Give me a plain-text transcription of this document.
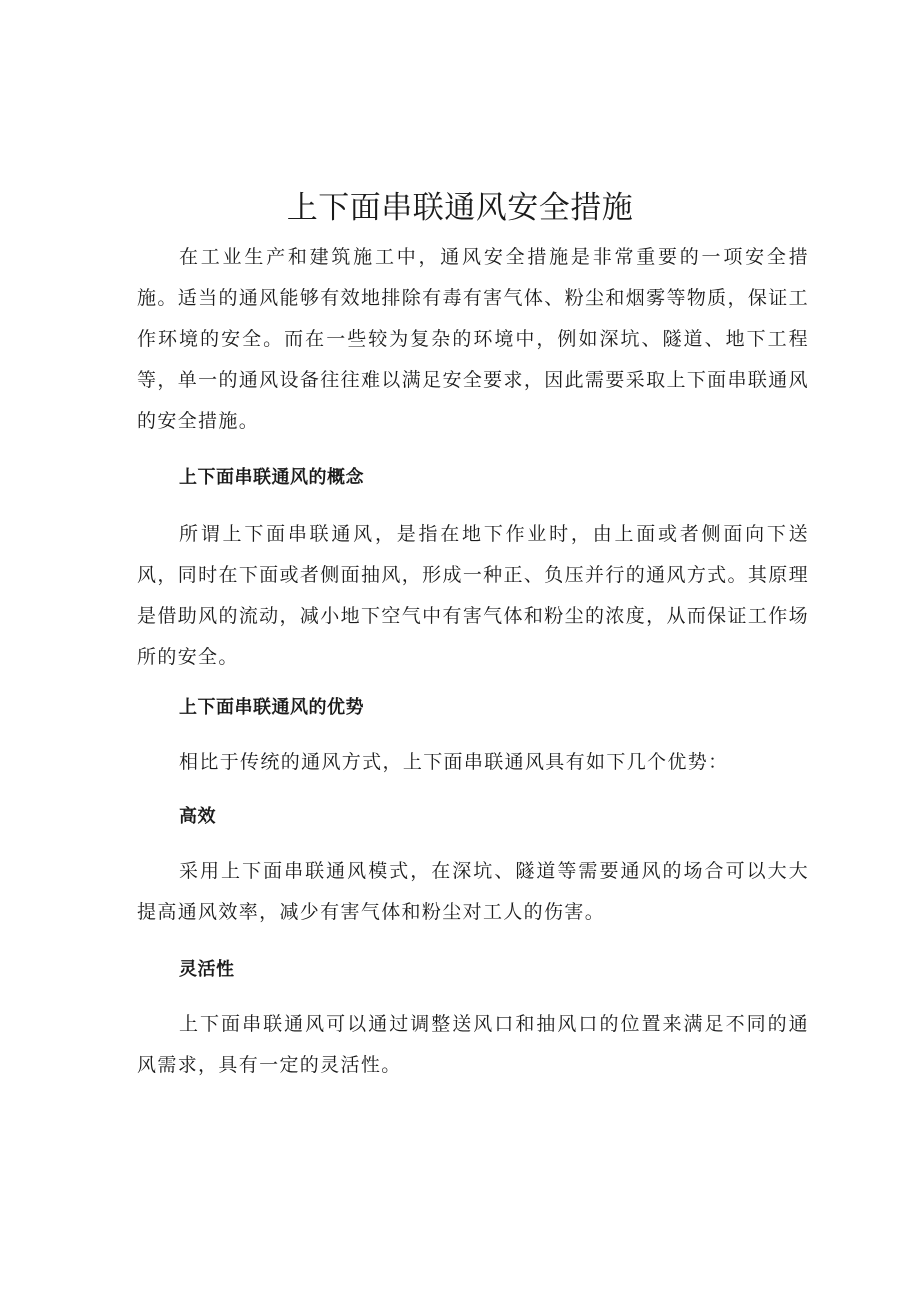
上下面串联通风安全措施

在工业生产和建筑施工中，通风安全措施是非常重要的一项安全措施。适当的通风能够有效地排除有毒有害气体、粉尘和烟雾等物质，保证工作环境的安全。而在一些较为复杂的环境中，例如深坑、隧道、地下工程等，单一的通风设备往往难以满足安全要求，因此需要采取上下面串联通风的安全措施。

上下面串联通风的概念

所谓上下面串联通风，是指在地下作业时，由上面或者侧面向下送风，同时在下面或者侧面抽风，形成一种正、负压并行的通风方式。其原理是借助风的流动，减小地下空气中有害气体和粉尘的浓度，从而保证工作场所的安全。

上下面串联通风的优势

相比于传统的通风方式，上下面串联通风具有如下几个优势：

高效

采用上下面串联通风模式，在深坑、隧道等需要通风的场合可以大大提高通风效率，减少有害气体和粉尘对工人的伤害。

灵活性

上下面串联通风可以通过调整送风口和抽风口的位置来满足不同的通风需求，具有一定的灵活性。
